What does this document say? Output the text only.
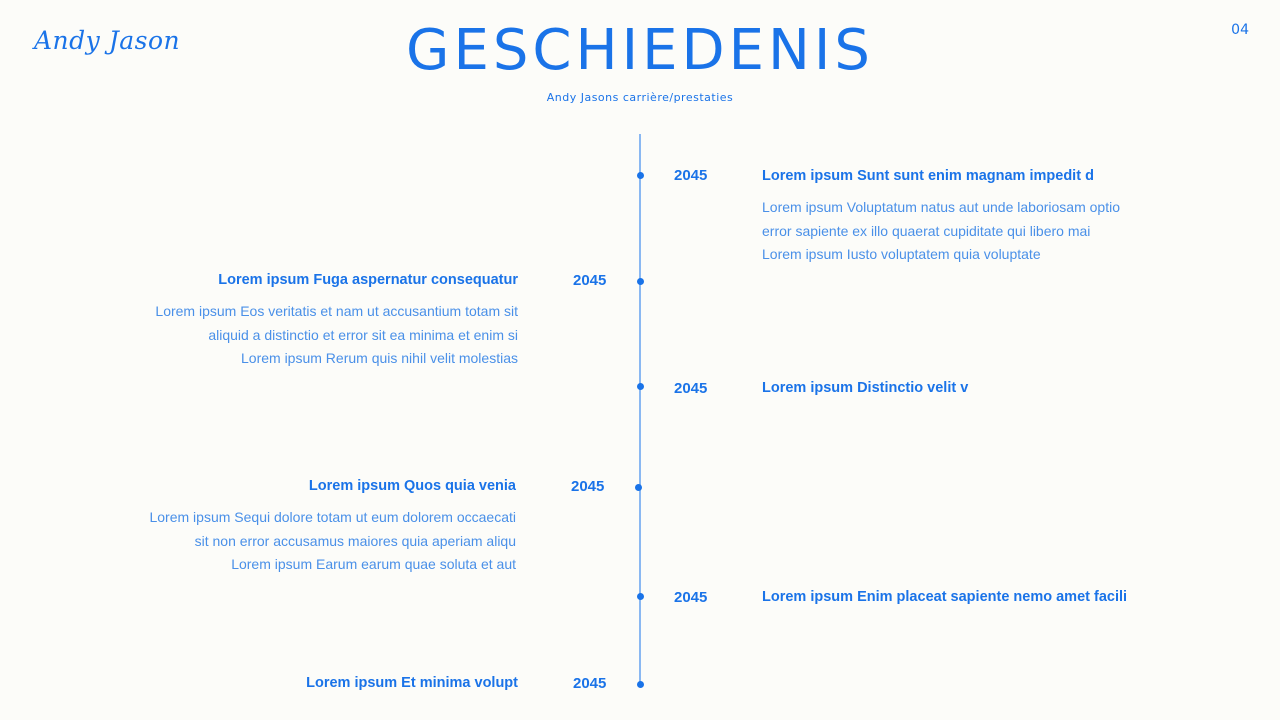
Andy Jason	GESCHIEDENIS
Andy Jasons carrière/prestaties
04
2045	Lorem ipsum Sunt sunt enim magnam impedit d
Lorem ipsum Voluptatum natus aut unde laboriosam optio
error sapiente ex illo quaerat cupiditate qui libero mai
Lorem ipsum Iusto voluptatem quia voluptate
2045
Lorem ipsum Fuga aspernatur consequatur
Lorem ipsum Eos veritatis et nam ut accusantium totam sit
aliquid a distinctio et error sit ea minima et enim si
Lorem ipsum Rerum quis nihil velit molestias
2045	Lorem ipsum Distinctio velit v
2045
Lorem ipsum Quos quia venia
Lorem ipsum Sequi dolore totam ut eum dolorem occaecati
sit non error accusamus maiores quia aperiam aliqu
Lorem ipsum Earum earum quae soluta et aut
2045	Lorem ipsum Enim placeat sapiente nemo amet facili
2045
Lorem ipsum Et minima volupt
